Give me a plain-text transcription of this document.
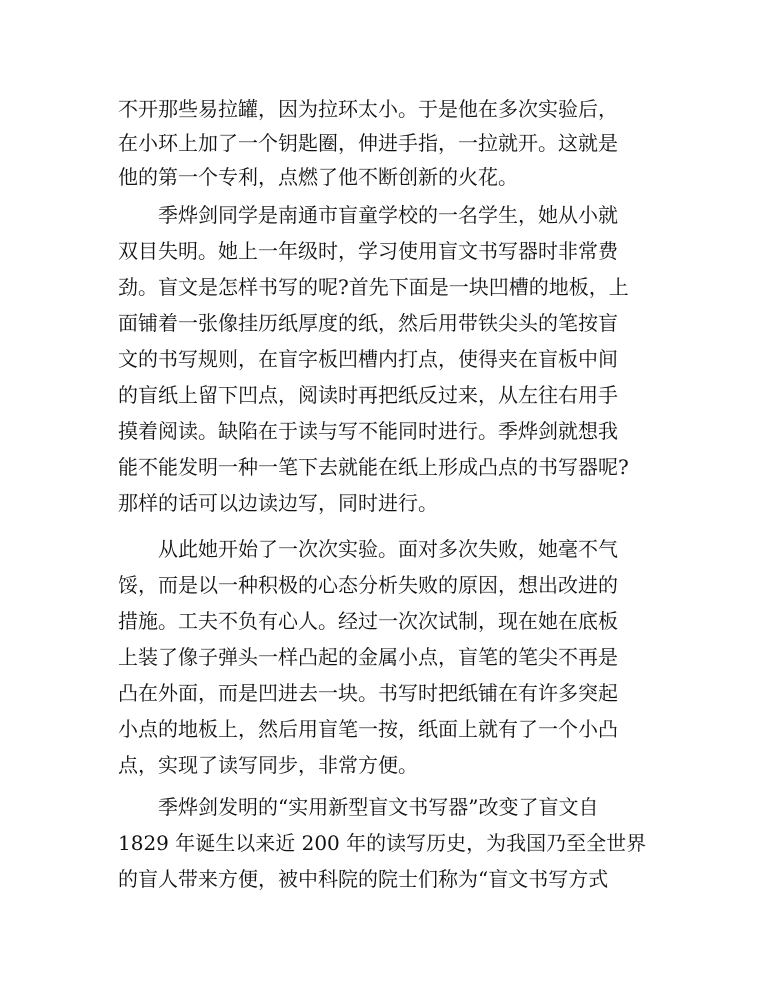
不开那些易拉罐，因为拉环太小。于是他在多次实验后，
在小环上加了一个钥匙圈，伸进手指，一拉就开。这就是
他的第一个专利，点燃了他不断创新的火花。
季烨剑同学是南通市盲童学校的一名学生，她从小就
双目失明。她上一年级时，学习使用盲文书写器时非常费
劲。盲文是怎样书写的呢?首先下面是一块凹槽的地板，上
面铺着一张像挂历纸厚度的纸，然后用带铁尖头的笔按盲
文的书写规则，在盲字板凹槽内打点，使得夹在盲板中间
的盲纸上留下凹点，阅读时再把纸反过来，从左往右用手
摸着阅读。缺陷在于读与写不能同时进行。季烨剑就想我
能不能发明一种一笔下去就能在纸上形成凸点的书写器呢?
那样的话可以边读边写，同时进行。
从此她开始了一次次实验。面对多次失败，她毫不气
馁，而是以一种积极的心态分析失败的原因，想出改进的
措施。工夫不负有心人。经过一次次试制，现在她在底板
上装了像子弹头一样凸起的金属小点，盲笔的笔尖不再是
凸在外面，而是凹进去一块。书写时把纸铺在有许多突起
小点的地板上，然后用盲笔一按，纸面上就有了一个小凸
点，实现了读写同步，非常方便。
季烨剑发明的“实用新型盲文书写器”改变了盲文自
1829 年诞生以来近 200 年的读写历史，为我国乃至全世界
的盲人带来方便，被中科院的院士们称为“盲文书写方式
